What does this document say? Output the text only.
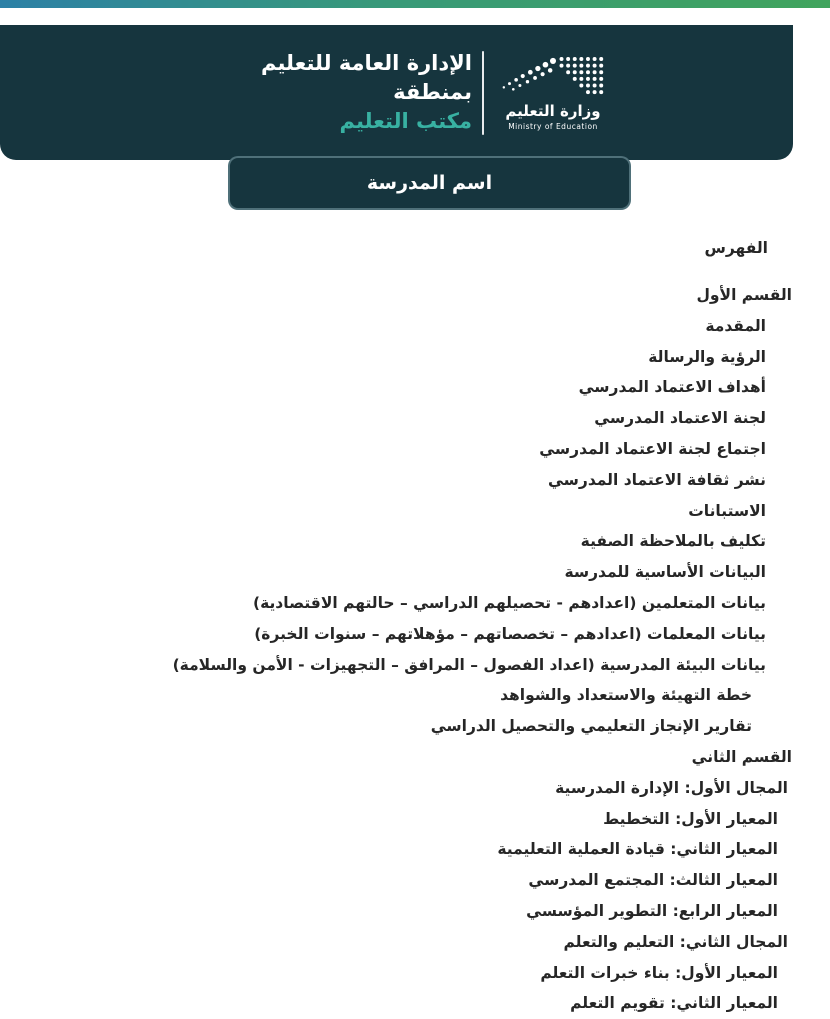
الإدارة العامة للتعليم
بمنطقة
مكتب التعليم وزارة التعليم
Ministry of Education
اسم المدرسة
الفهرس
القسم الأول
المقدمة
الرؤية والرسالة
أهداف الاعتماد المدرسي
لجنة الاعتماد المدرسي
اجتماع لجنة الاعتماد المدرسي
نشر ثقافة الاعتماد المدرسي
الاستبانات
تكليف بالملاحظة الصفية
البيانات الأساسية للمدرسة
بيانات المتعلمين (اعدادهم - تحصيلهم الدراسي – حالتهم الاقتصادية)
بيانات المعلمات (اعدادهم – تخصصاتهم – مؤهلاتهم – سنوات الخبرة)
بيانات البيئة المدرسية (اعداد الفصول – المرافق – التجهيزات - الأمن والسلامة)
خطة التهيئة والاستعداد والشواهد
تقارير الإنجاز التعليمي والتحصيل الدراسي
القسم الثاني
المجال الأول: الإدارة المدرسية
المعيار الأول: التخطيط
المعيار الثاني: قيادة العملية التعليمية
المعيار الثالث: المجتمع المدرسي
المعيار الرابع: التطوير المؤسسي
المجال الثاني: التعليم والتعلم
المعيار الأول: بناء خبرات التعلم
المعيار الثاني: تقويم التعلم
